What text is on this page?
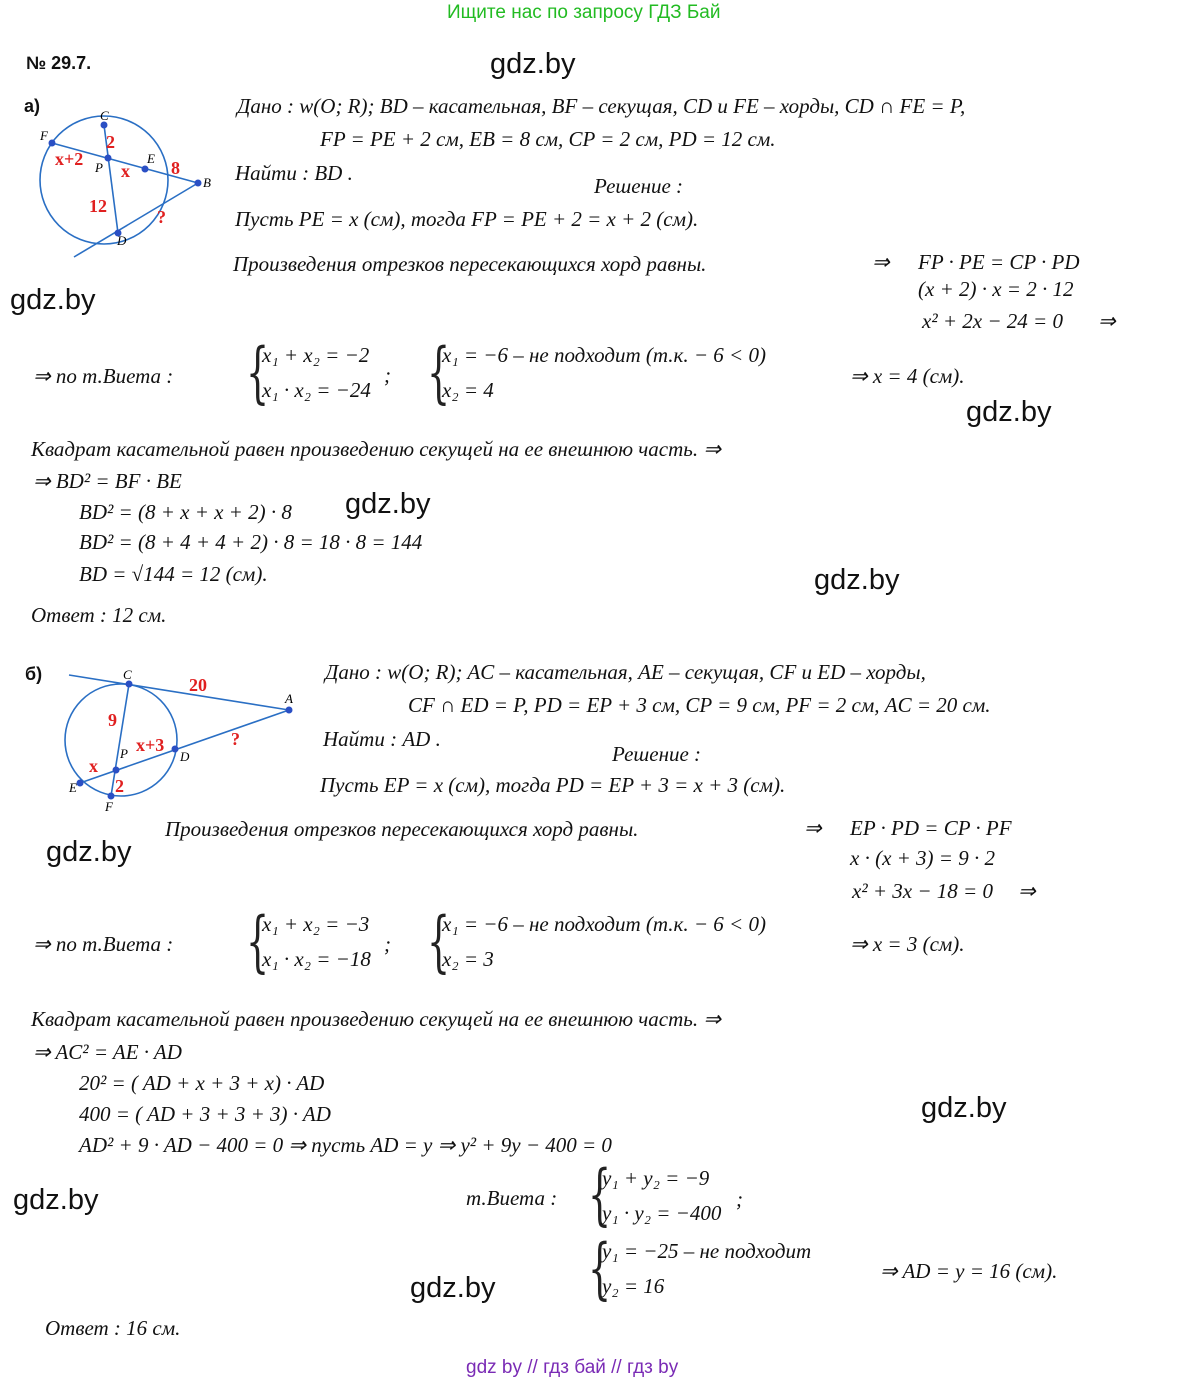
Ищите нас по запросу ГДЗ Бай
№ 29.7.	gdz.by
gdz.by
gdz.by
gdz.by
gdz.by
gdz.by
gdz.by
gdz.by
gdz.by
а)
F
C
P
E
B
D
x+2
2
x 8
12
?
Дано : w(O; R); BD – касательная, BF – секущая, CD и FE – хорды, CD ∩ FE = P,
FP = PE + 2 см, EB = 8 см, CP = 2 см, PD = 12 см.
Найти : BD .
Решение :
Пусть PE = x (см), тогда FP = PE + 2 = x + 2 (см).
Произведения отрезков пересекающихся хорд равны.	⇒ FP · PE = CP · PD
(x + 2) · x = 2 · 12
x² + 2x − 24 = 0 ⇒
⇒ по т.Виета : {
x₁ + x₂ = −2
x₁ · x₂ = −24
; {
x₁ = −6 – не подходит (т.к. − 6 < 0)
x₂ = 4
⇒ x = 4 (см).
Квадрат касательной равен произведению секущей на ее внешнюю часть. ⇒
⇒ BD² = BF · BE
BD² = (8 + x + x + 2) · 8
BD² = (8 + 4 + 4 + 2) · 8 = 18 · 8 = 144
BD = √144 = 12 (см).
Ответ : 12 см.
б)	C
A
P	D
E
F
20
9
x+3
x
2
?
Дано : w(O; R); AC – касательная, AE – секущая, CF и ED – хорды,
CF ∩ ED = P, PD = EP + 3 см, CP = 9 см, PF = 2 см, AC = 20 см.
Найти : AD .
Решение :
Пусть EP = x (см), тогда PD = EP + 3 = x + 3 (см).
Произведения отрезков пересекающихся хорд равны.	⇒ EP · PD = CP · PF
x · (x + 3) = 9 · 2
x² + 3x − 18 = 0 ⇒
⇒ по т.Виета : {
x₁ + x₂ = −3
x₁ · x₂ = −18
; {
x₁ = −6 – не подходит (т.к. − 6 < 0)
x₂ = 3
⇒ x = 3 (см).
Квадрат касательной равен произведению секущей на ее внешнюю часть. ⇒
⇒ AC² = AE · AD
20² = ( AD + x + 3 + x) · AD
400 = ( AD + 3 + 3 + 3) · AD
AD² + 9 · AD − 400 = 0 ⇒ пусть AD = y ⇒ y² + 9y − 400 = 0
т.Виета : {
y₁ + y₂ = −9
y₁ · y₂ = −400
;
{
y₁ = −25 – не подходит
y₂ = 16
⇒ AD = y = 16 (см).
Ответ : 16 см.
gdz by // гдз бай // гдз by
